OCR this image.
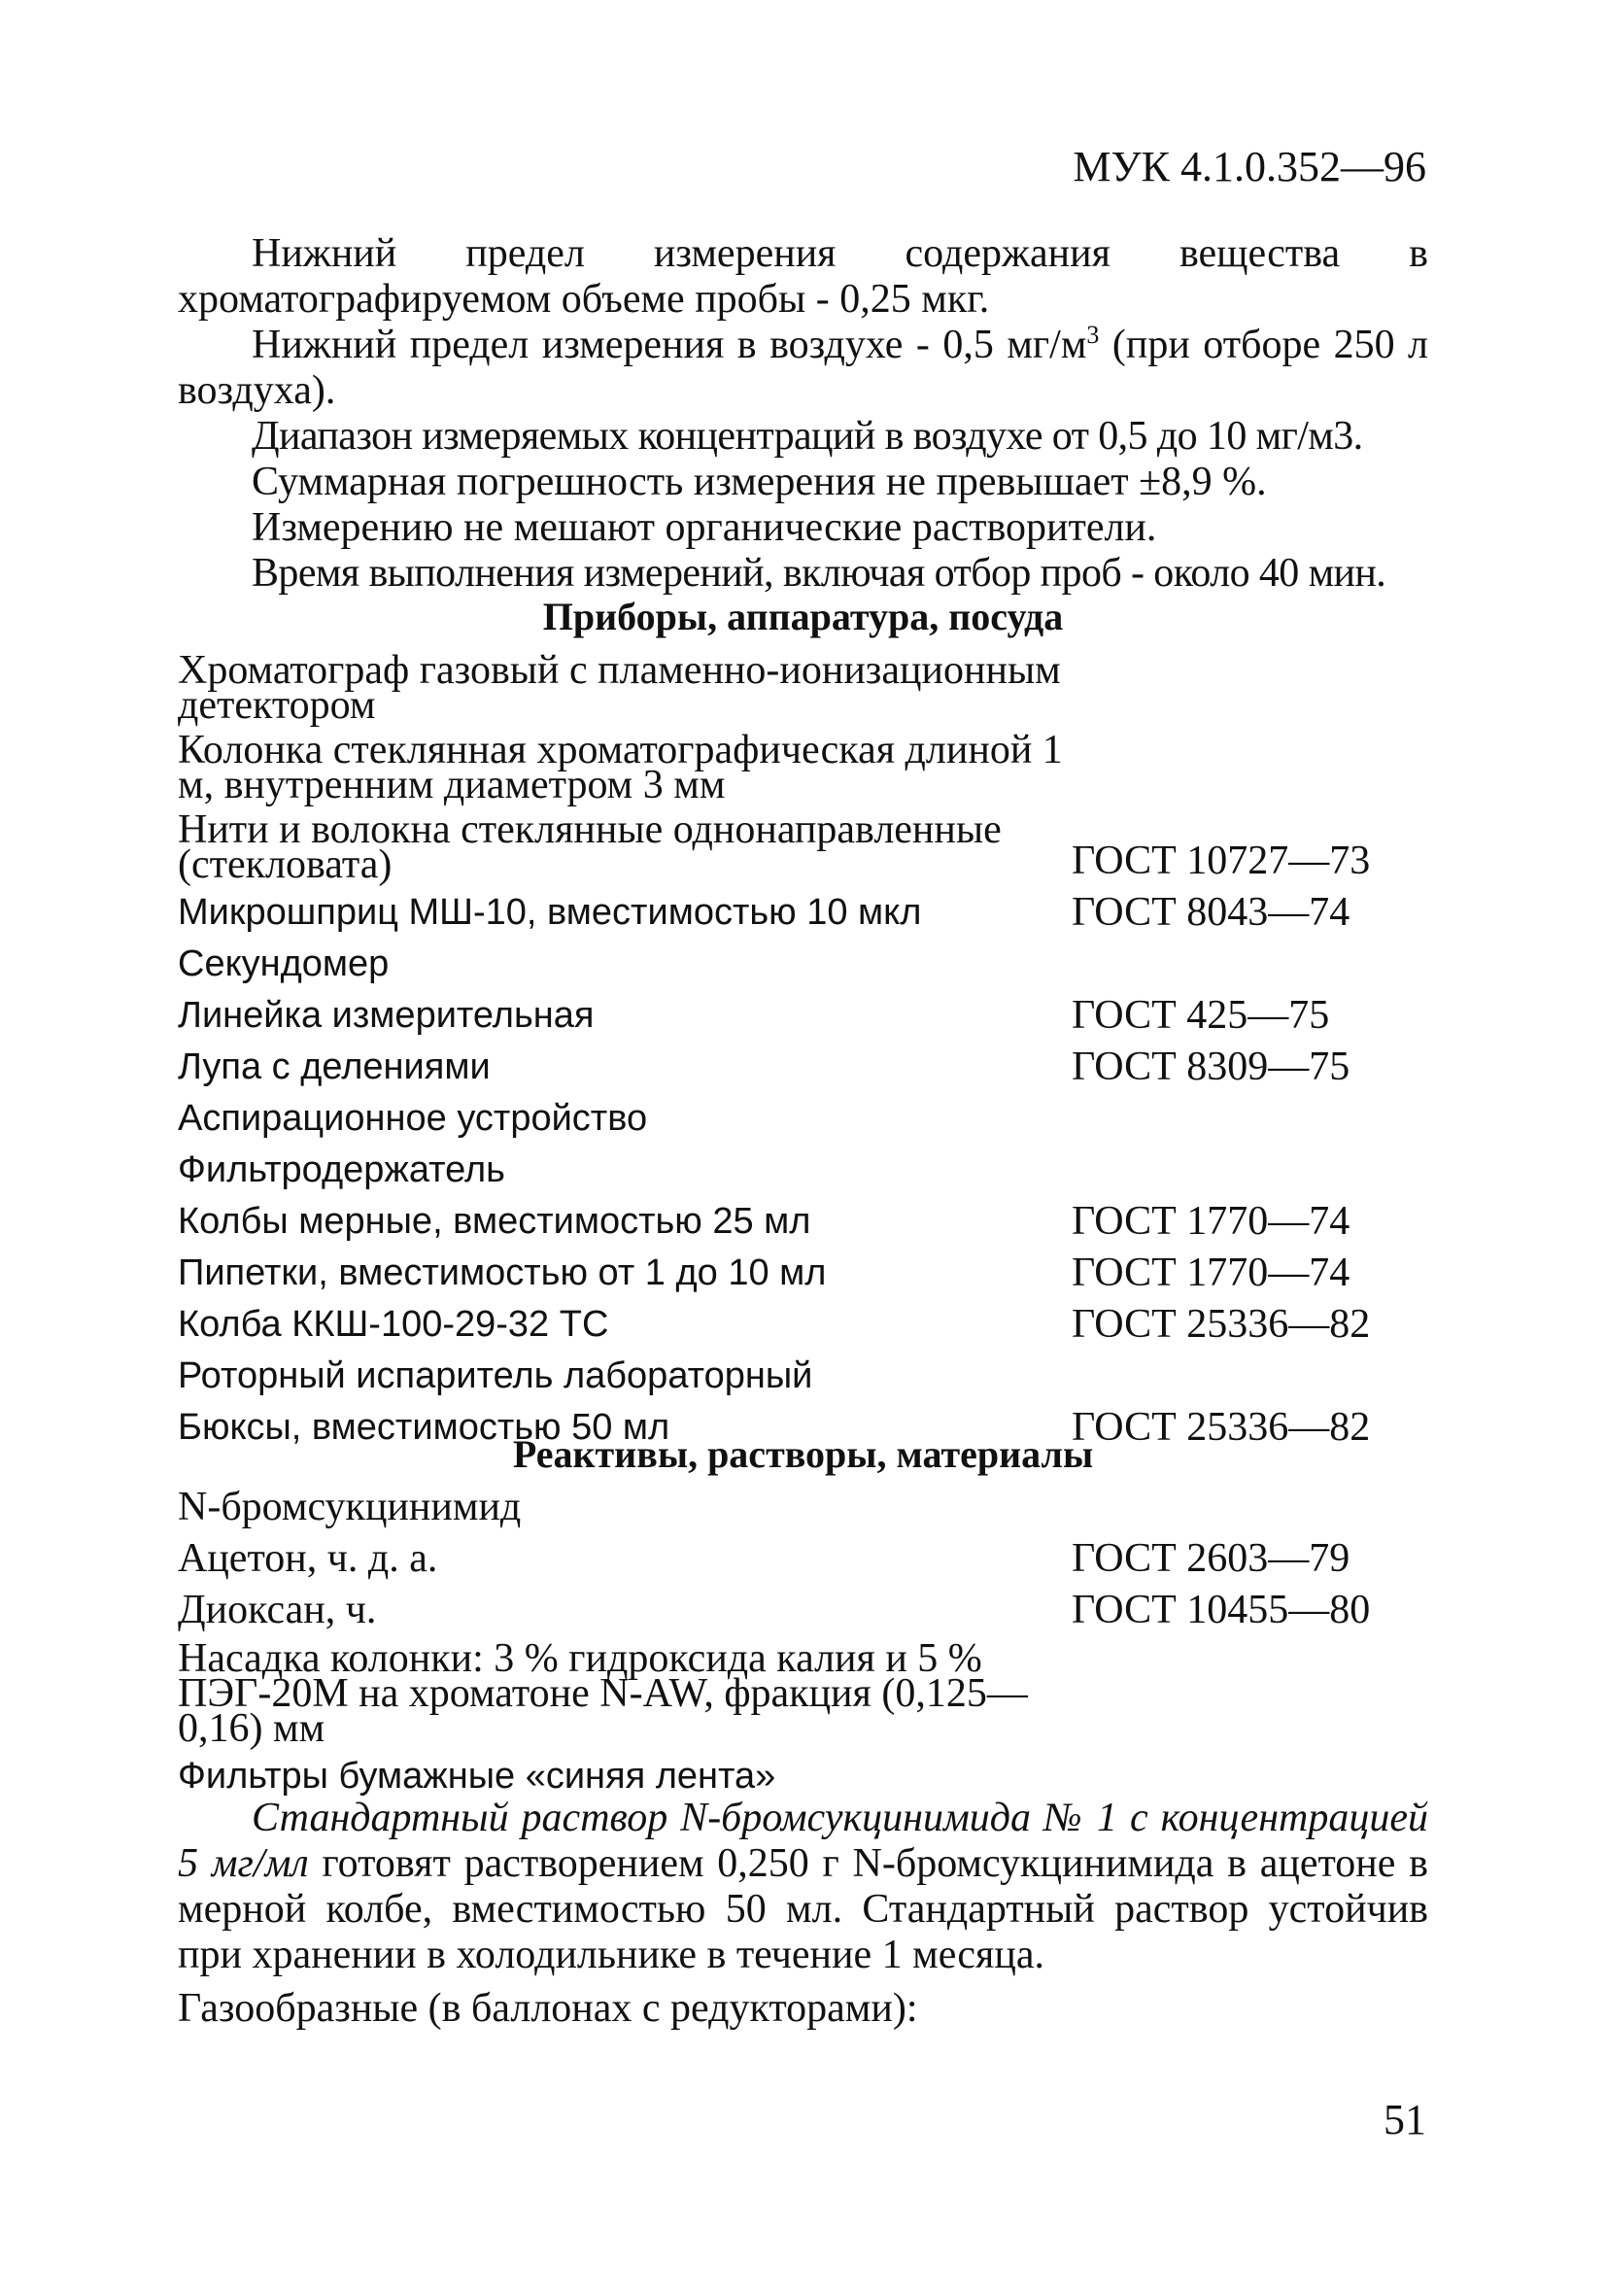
МУК 4.1.0.352—96

Нижний предел измерения содержания вещества в хроматографируемом объеме пробы - 0,25 мкг.

Нижний предел измерения в воздухе - 0,5 $мг/м^3$ (при отборе 250 л воздуха).

Диапазон измеряемых концентраций в воздухе от 0,5 до 10 мг/м3.

Суммарная погрешность измерения не превышает ±8,9 %.

Измерению не мешают органические растворители.

Время выполнения измерений, включая отбор проб - около 40 мин.

Приборы, аппаратура, посуда
Хроматограф газовый с пламенно-ионизационным детектором
Колонка стеклянная хроматографическая длиной 1 м, внутренним диаметром 3 мм
Нити и волокна стеклянные однонаправленные (стекловата)	ГОСТ 10727—73
Микрошприц МШ-10, вместимостью 10 мкл	ГОСТ 8043—74
Секундомер
Линейка измерительная	ГОСТ 425—75
Лупа с делениями	ГОСТ 8309—75
Аспирационное устройство
Фильтродержатель
Колбы мерные, вместимостью 25 мл	ГОСТ 1770—74
Пипетки, вместимостью от 1 до 10 мл	ГОСТ 1770—74
Колба ККШ-100-29-32 ТС	ГОСТ 25336—82
Роторный испаритель лабораторный
Бюксы, вместимостью 50 мл	ГОСТ 25336—82
Реактивы, растворы, материалы
N-бромсукцинимид
Ацетон, ч. д. а.	ГОСТ 2603—79
Диоксан, ч.	ГОСТ 10455—80
Насадка колонки: 3 % гидроксида калия и 5 % ПЭГ-20М на хроматоне N-AW, фракция (0,125—0,16) мм
Фильтры бумажные «синяя лента»

Стандартный раствор N-бромсукцинимида № 1 с концентрацией 5 мг/мл готовят растворением 0,250 г N-бромсукцинимида в ацетоне в мерной колбе, вместимостью 50 мл. Стандартный раствор устойчив при хранении в холодильнике в течение 1 месяца.

Газообразные (в баллонах с редукторами):

51
